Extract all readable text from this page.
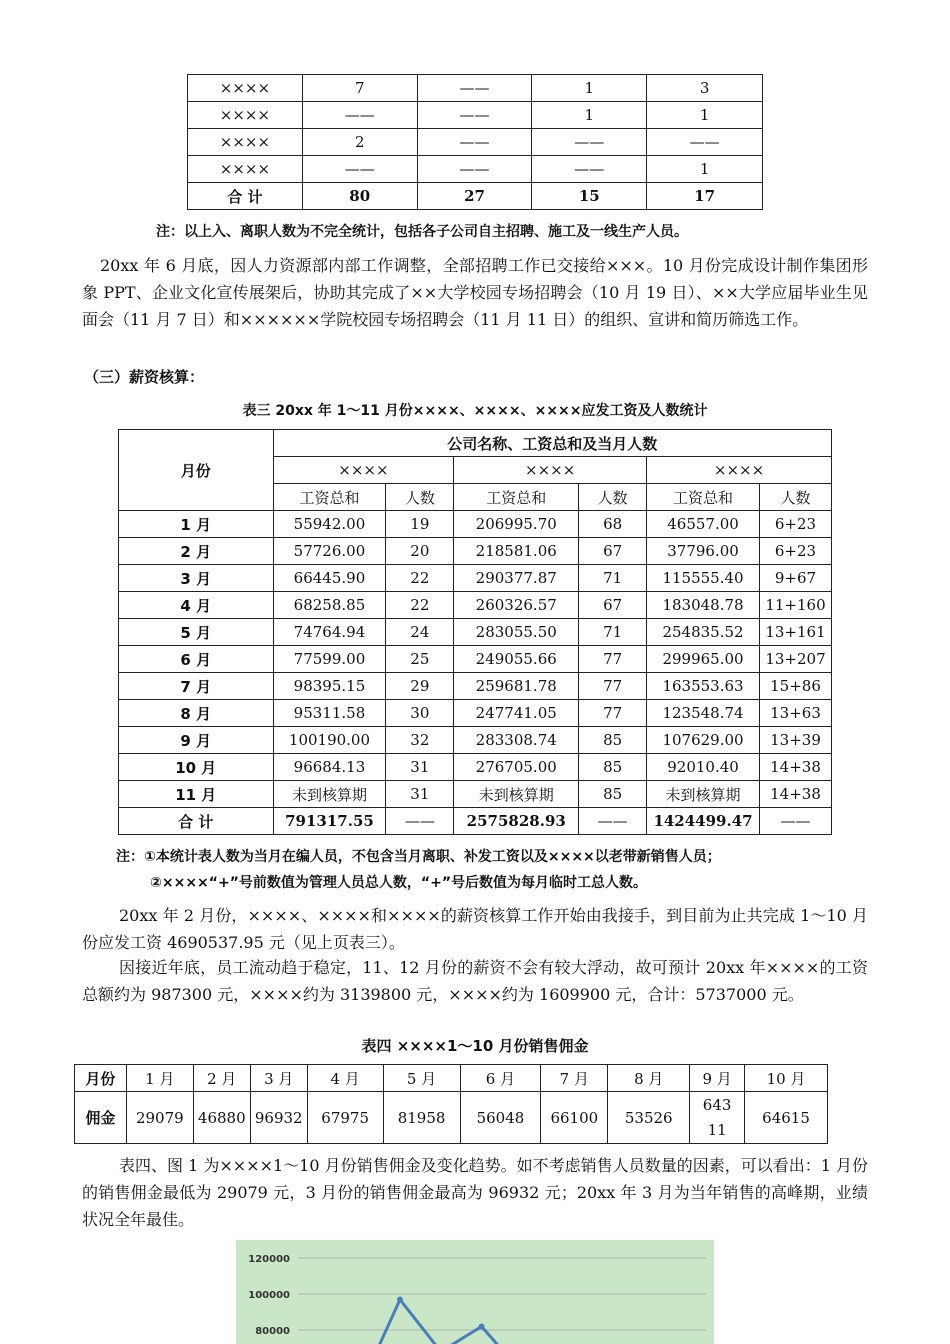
××××	7	——	1	3
××××	——	——	1	1
××××	2	——	——	——
××××	——	——	——	1
合 计	80	27	15	17
注：以上入、离职人数为不完全统计，包括各子公司自主招聘、施工及一线生产人员。
20xx 年 6 月底，因人力资源部内部工作调整，全部招聘工作已交接给×××。10 月份完成设计制作集团形象 PPT、企业文化宣传展架后，协助其完成了××大学校园专场招聘会（10 月 19 日）、××大学应届毕业生见面会（11 月 7 日）和××××××学院校园专场招聘会（11 月 11 日）的组织、宣讲和简历筛选工作。
（三）薪资核算：
表三 20xx 年 1～11 月份××××、××××、××××应发工资及人数统计
月份	公司名称、工资总和及当月人数					
	××××		××××		××××	
	工资总和	人数	工资总和	人数	工资总和	人数
1 月	55942.00	19	206995.70	68	46557.00	6+23
2 月	57726.00	20	218581.06	67	37796.00	6+23
3 月	66445.90	22	290377.87	71	115555.40	9+67
4 月	68258.85	22	260326.57	67	183048.78	11+160
5 月	74764.94	24	283055.50	71	254835.52	13+161
6 月	77599.00	25	249055.66	77	299965.00	13+207
7 月	98395.15	29	259681.78	77	163553.63	15+86
8 月	95311.58	30	247741.05	77	123548.74	13+63
9 月	100190.00	32	283308.74	85	107629.00	13+39
10 月	96684.13	31	276705.00	85	92010.40	14+38
11 月	未到核算期	31	未到核算期	85	未到核算期	14+38
合 计	791317.55	——	2575828.93	——	1424499.47	——
注：①本统计表人数为当月在编人员，不包含当月离职、补发工资以及××××以老带新销售人员；
②××××“+”号前数值为管理人员总人数，“+”号后数值为每月临时工总人数。
20xx 年 2 月份，××××、××××和××××的薪资核算工作开始由我接手，到目前为止共完成 1～10 月份应发工资 4690537.95 元（见上页表三）。
因接近年底，员工流动趋于稳定，11、12 月份的薪资不会有较大浮动，故可预计 20xx 年××××的工资总额约为 987300 元，××××约为 3139800 元，××××约为 1609900 元，合计：5737000 元。
表四 ××××1～10 月份销售佣金
月份	1 月	2 月	3 月	4 月	5 月	6 月	7 月	8 月	9 月	10 月
佣金	29079	46880	96932	67975	81958	56048	66100	53526	64311	64615
表四、图 1 为××××1～10 月份销售佣金及变化趋势。如不考虑销售人员数量的因素，可以看出：1 月份的销售佣金最低为 29079 元，3 月份的销售佣金最高为 96932 元；20xx 年 3 月为当年销售的高峰期，业绩状况全年最佳。
120000
100000
80000
